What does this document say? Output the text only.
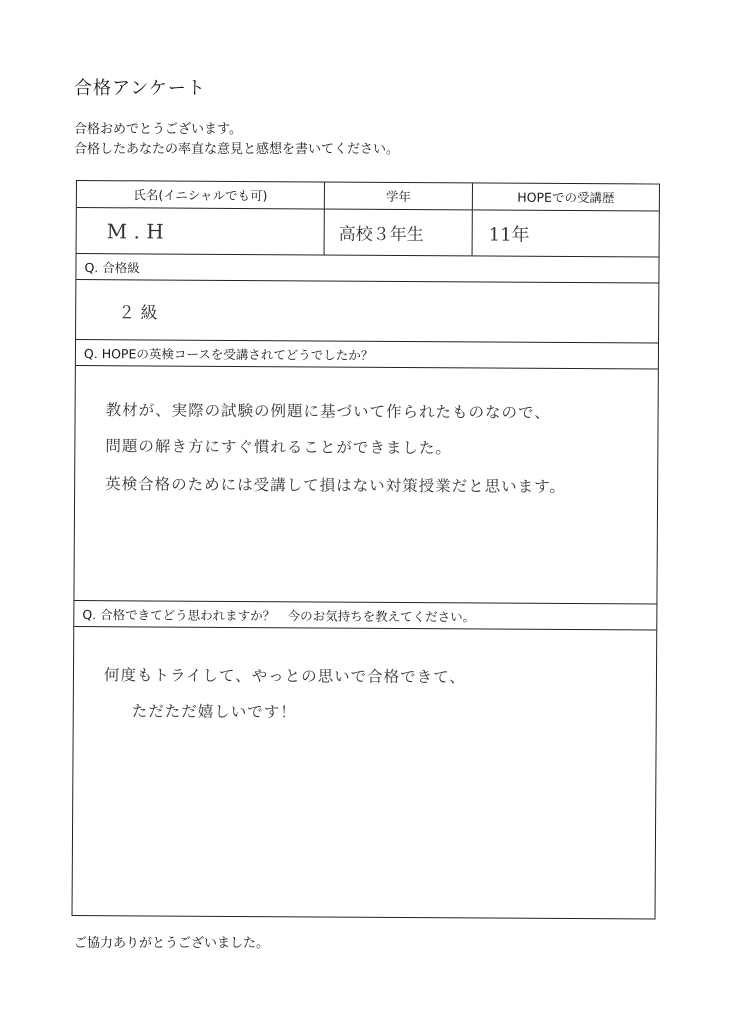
合格アンケート
合格おめでとうございます。
合格したあなたの率直な意見と感想を書いてください。
氏名(イニシャルでも可)	学年	HOPEでの受講歴
M . H	高校３年生	11年
Q. 合格級
２ 級
Q. HOPEの英検コースを受講されてどうでしたか？
教材が、実際の試験の例題に基づいて作られたものなので、
問題の解き方にすぐ慣れることができました。
英検合格のためには受講して損はない対策授業だと思います。
Q. 合格できてどう思われますか？　今のお気持ちを教えてください。
何度もトライして、やっとの思いで合格できて、
ただただ嬉しいです！
ご協力ありがとうございました。
